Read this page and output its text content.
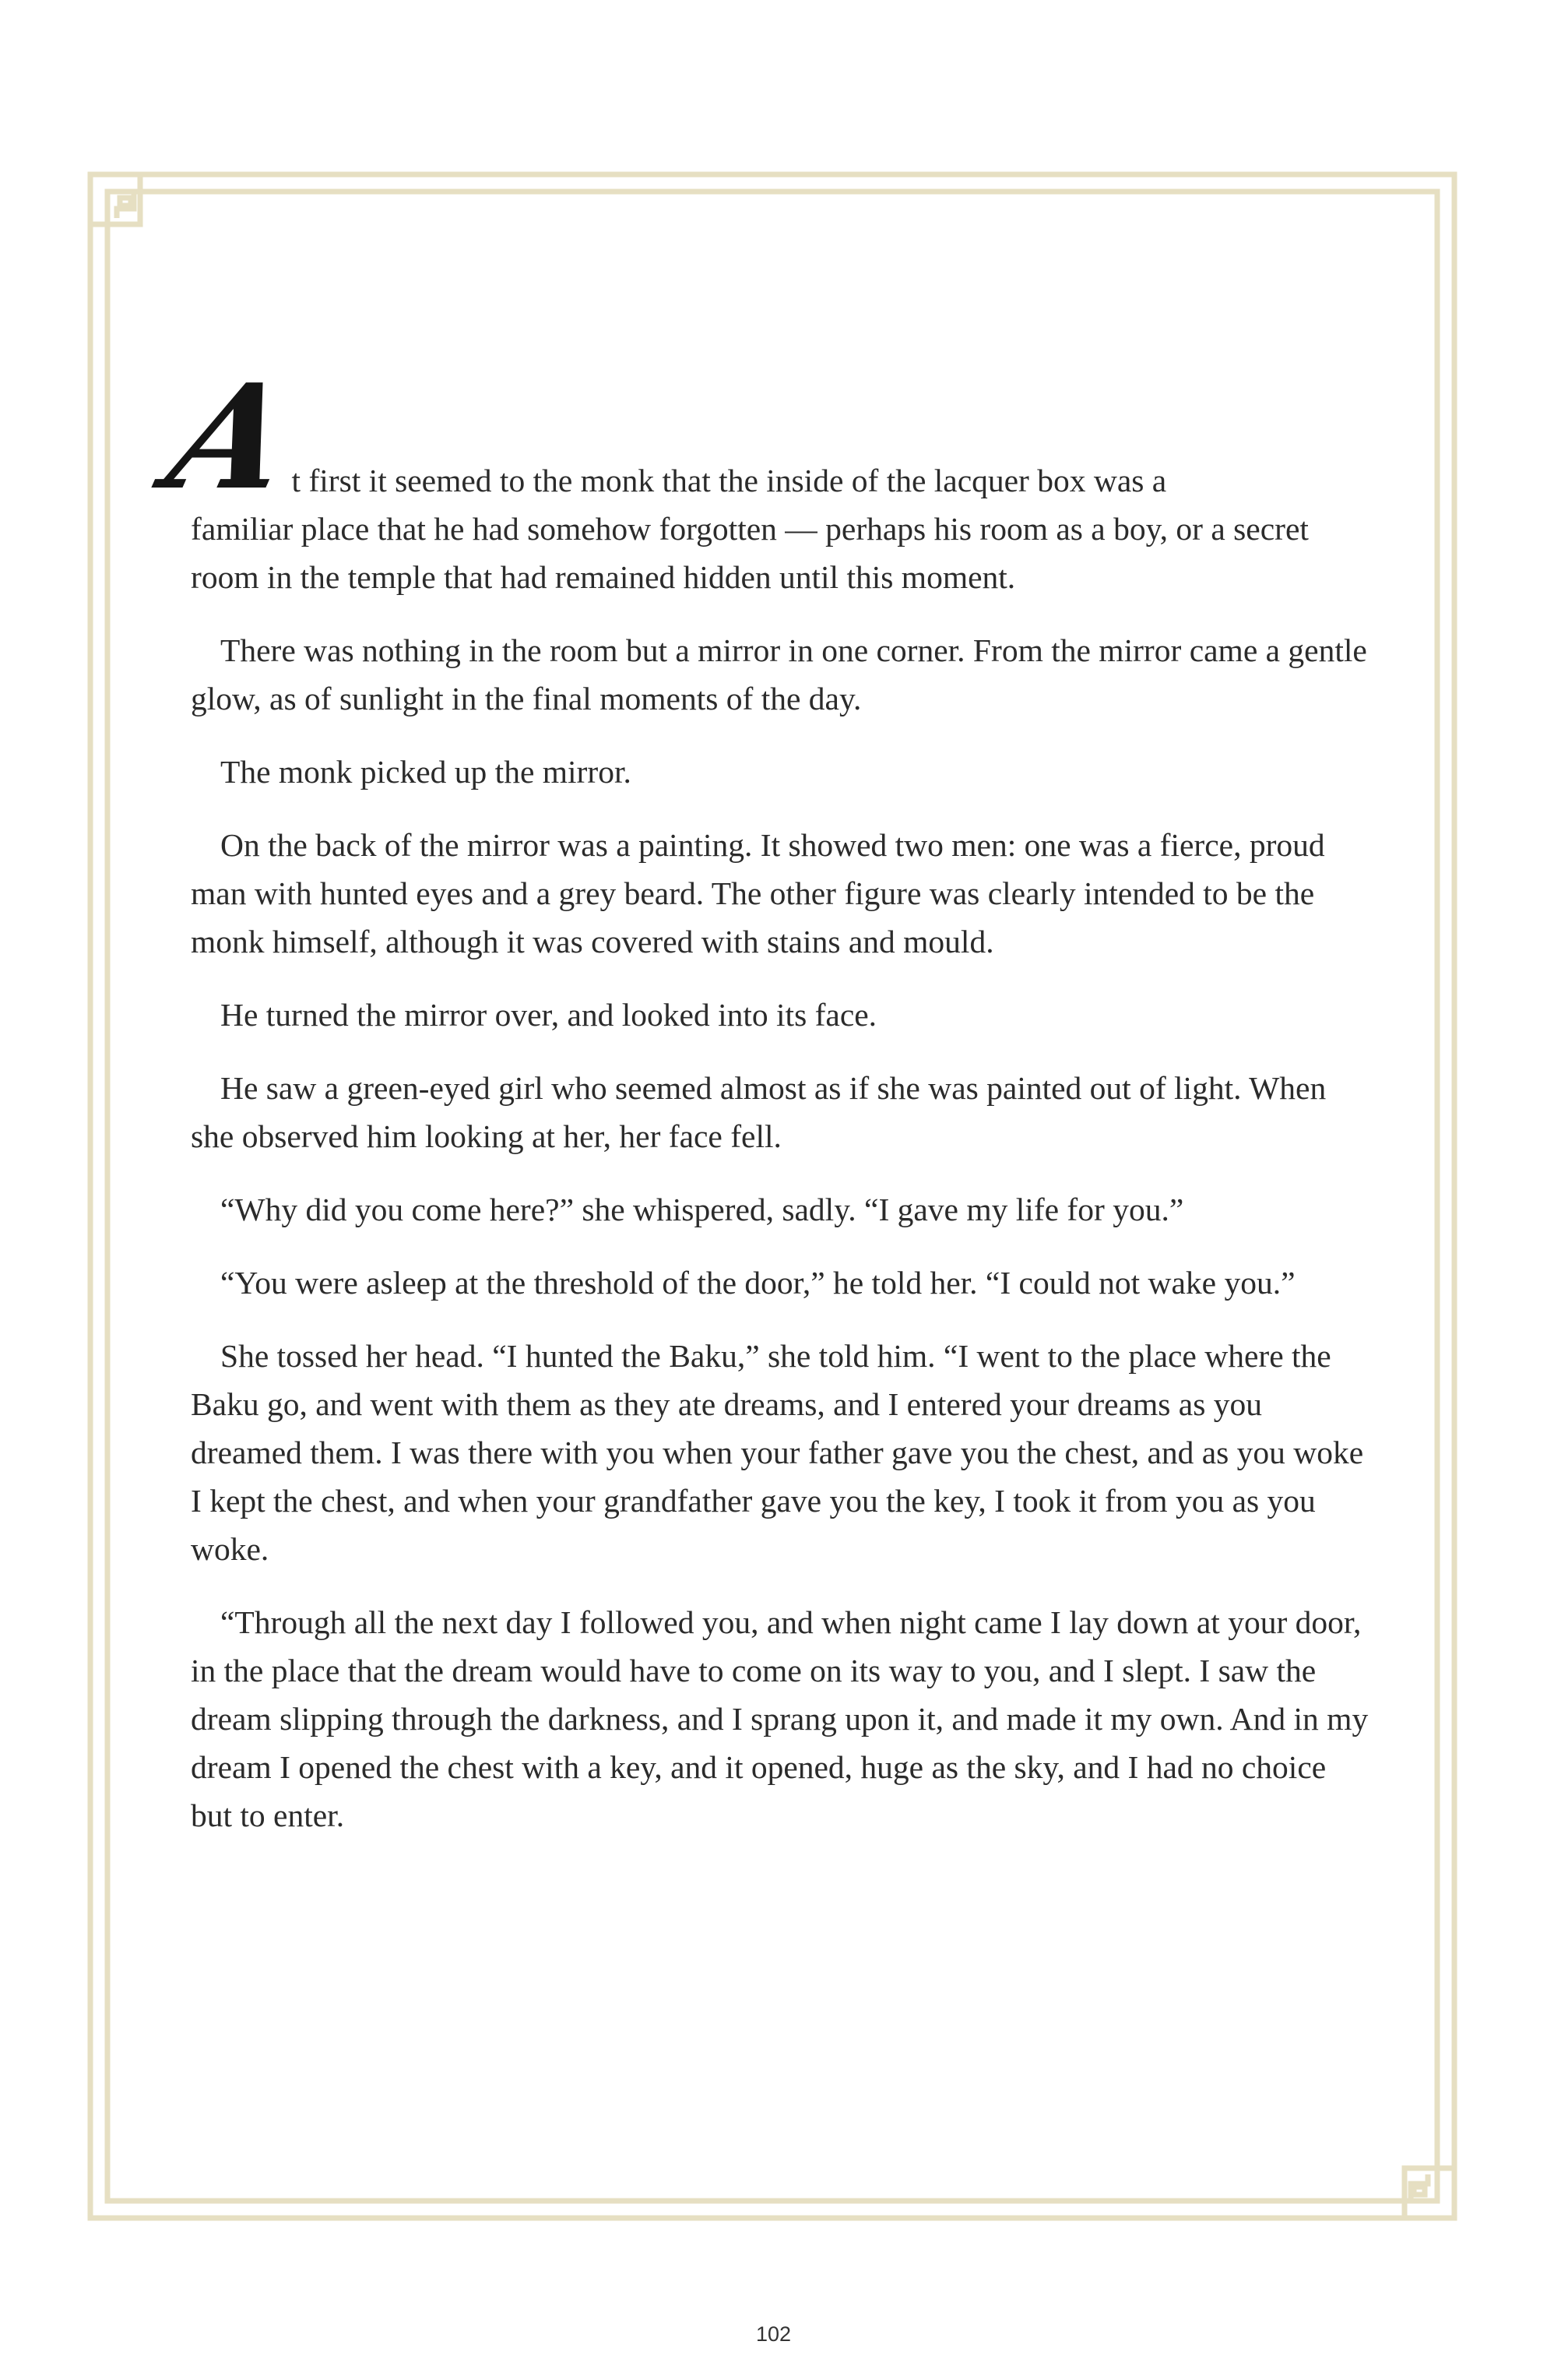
A
t first it seemed to the monk that the inside of the lacquer box was a
familiar place that he had somehow forgotten — perhaps his room as a boy, or a secret room in the temple that had remained hidden until this moment.

There was nothing in the room but a mirror in one corner. From the mirror came a gentle glow, as of sunlight in the final moments of the day.

The monk picked up the mirror.

On the back of the mirror was a painting. It showed two men: one was a fierce, proud man with hunted eyes and a grey beard. The other figure was clearly intended to be the monk himself, although it was covered with stains and mould.

He turned the mirror over, and looked into its face.

He saw a green-eyed girl who seemed almost as if she was painted out of light. When she observed him looking at her, her face fell.

“Why did you come here?” she whispered, sadly. “I gave my life for you.”

“You were asleep at the threshold of the door,” he told her. “I could not wake you.”

She tossed her head. “I hunted the Baku,” she told him. “I went to the place where the Baku go, and went with them as they ate dreams, and I entered your dreams as you dreamed them. I was there with you when your father gave you the chest, and as you woke I kept the chest, and when your grandfather gave you the key, I took it from you as you woke.

“Through all the next day I followed you, and when night came I lay down at your door, in the place that the dream would have to come on its way to you, and I slept. I saw the dream slipping through the darkness, and I sprang upon it, and made it my own. And in my dream I opened the chest with a key, and it opened, huge as the sky, and I had no choice but to enter.

102
